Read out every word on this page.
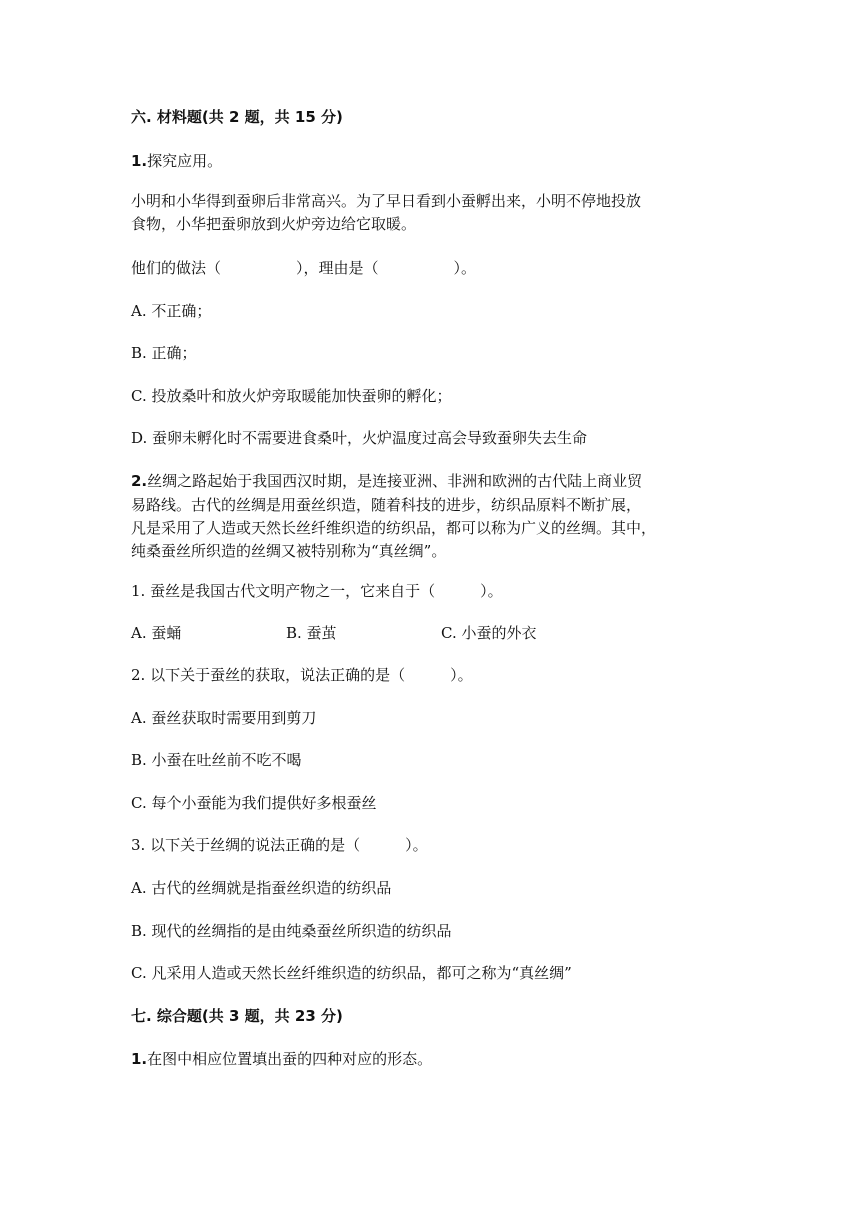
六. 材料题(共 2 题，共 15 分)
1.探究应用。
小明和小华得到蚕卵后非常高兴。为了早日看到小蚕孵出来，小明不停地投放
食物，小华把蚕卵放到火炉旁边给它取暖。
他们的做法（　　　　　），理由是（　　　　　）。
A. 不正确；
B. 正确；
C. 投放桑叶和放火炉旁取暖能加快蚕卵的孵化；
D. 蚕卵未孵化时不需要进食桑叶，火炉温度过高会导致蚕卵失去生命
2.丝绸之路起始于我国西汉时期，是连接亚洲、非洲和欧洲的古代陆上商业贸
易路线。古代的丝绸是用蚕丝织造，随着科技的进步，纺织品原料不断扩展，
凡是采用了人造或天然长丝纤维织造的纺织品，都可以称为广义的丝绸。其中，
纯桑蚕丝所织造的丝绸又被特别称为“真丝绸”。
1. 蚕丝是我国古代文明产物之一，它来自于（　　　）。
A. 蚕蛹	B. 蚕茧	C. 小蚕的外衣
2. 以下关于蚕丝的获取，说法正确的是（　　　）。
A. 蚕丝获取时需要用到剪刀
B. 小蚕在吐丝前不吃不喝
C. 每个小蚕能为我们提供好多根蚕丝
3. 以下关于丝绸的说法正确的是（　　　）。
A. 古代的丝绸就是指蚕丝织造的纺织品
B. 现代的丝绸指的是由纯桑蚕丝所织造的纺织品
C. 凡采用人造或天然长丝纤维织造的纺织品，都可之称为“真丝绸”
七. 综合题(共 3 题，共 23 分)
1.在图中相应位置填出蚕的四种对应的形态。
